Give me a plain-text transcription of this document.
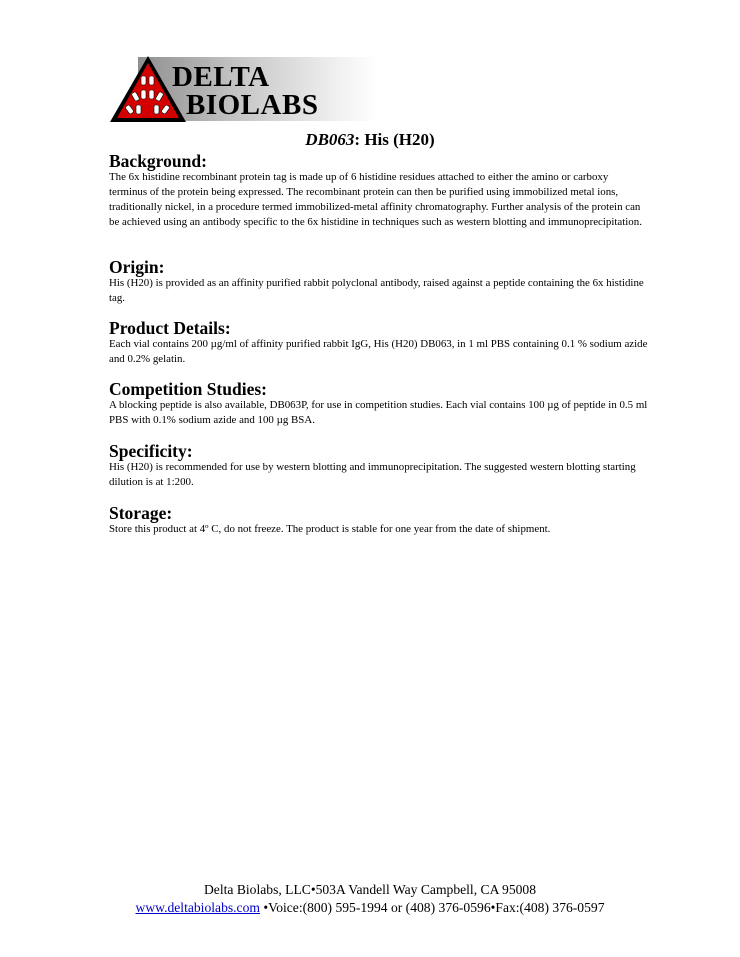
DELTA
BIOLABS
DB063: His (H20)
Background:

The 6x histidine recombinant protein tag is made up of 6 histidine residues attached to either the amino or carboxy terminus of the protein being expressed. The recombinant protein can then be purified using immobilized metal ions, traditionally nickel, in a procedure termed immobilized-metal affinity chromatography. Further analysis of the protein can be achieved using an antibody specific to the 6x histidine in techniques such as western blotting and immunoprecipitation.

Origin:

His (H20) is provided as an affinity purified rabbit polyclonal antibody, raised against a peptide containing the 6x histidine tag.

Product Details:

Each vial contains 200 µg/ml of affinity purified rabbit IgG, His (H20) DB063, in 1 ml PBS containing 0.1 % sodium azide and 0.2% gelatin.

Competition Studies:

A blocking peptide is also available, DB063P, for use in competition studies. Each vial contains 100 µg of peptide in 0.5 ml PBS with 0.1% sodium azide and 100 µg BSA.

Specificity:

His (H20) is recommended for use by western blotting and immunoprecipitation. The suggested western blotting starting dilution is at 1:200.

Storage:

Store this product at 4º C, do not freeze. The product is stable for one year from the date of shipment.

Delta Biolabs, LLC•503A Vandell Way Campbell, CA 95008
www.deltabiolabs.com •Voice:(800) 595-1994 or (408) 376-0596•Fax:(408) 376-0597
